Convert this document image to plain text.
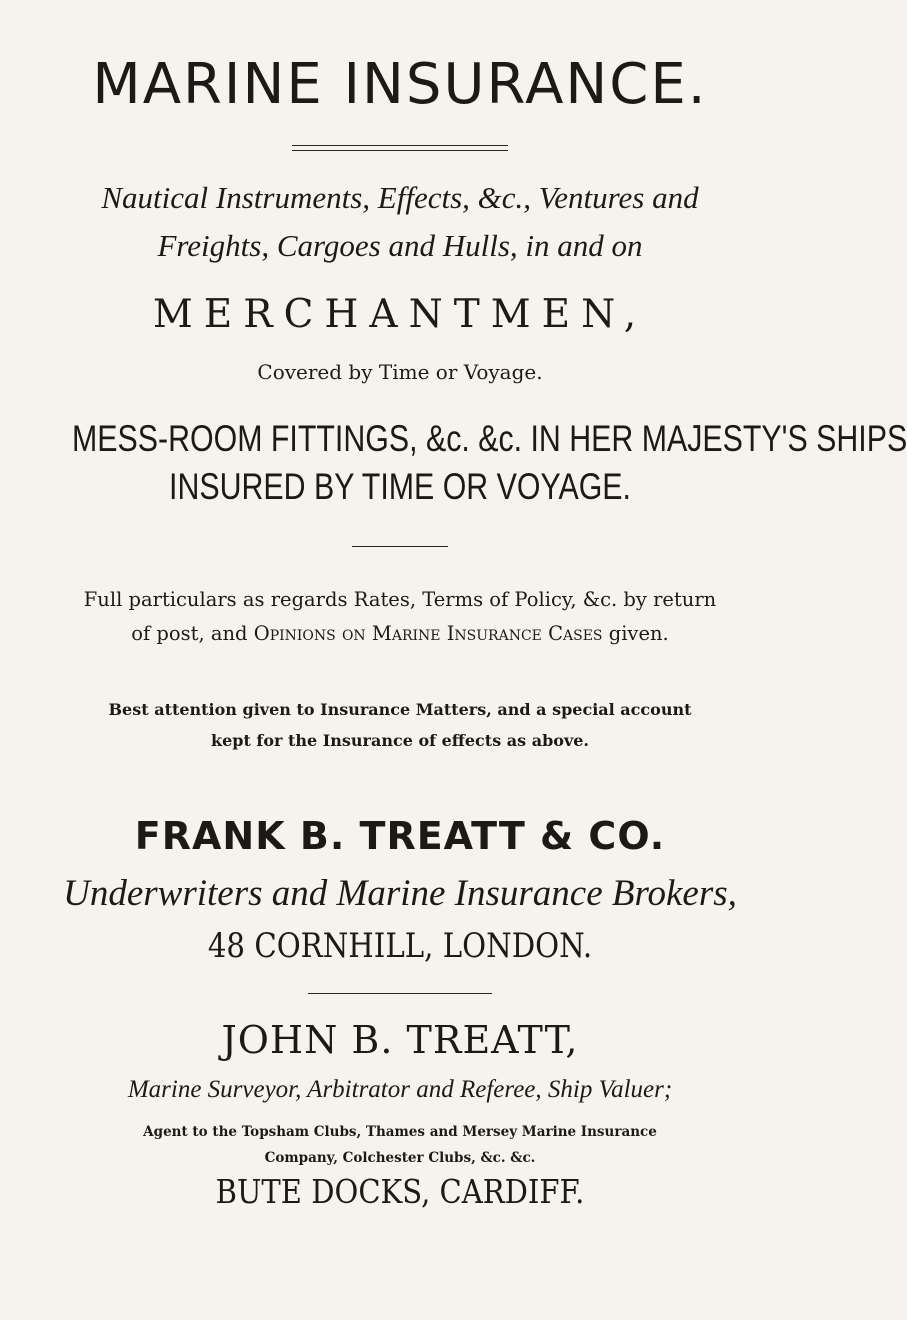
MARINE INSURANCE.
Nautical Instruments, Effects, &c., Ventures and
Freights, Cargoes and Hulls, in and on
MERCHANTMEN,
Covered by Time or Voyage.
MESS-ROOM FITTINGS, &c. &c. IN HER MAJESTY'S SHIPS
INSURED BY TIME OR VOYAGE.
Full particulars as regards Rates, Terms of Policy, &c. by return
of post, and Opinions on Marine Insurance Cases given.
Best attention given to Insurance Matters, and a special account
kept for the Insurance of effects as above.
FRANK B. TREATT & CO.
Underwriters and Marine Insurance Brokers,
48 CORNHILL, LONDON.
JOHN B. TREATT,
Marine Surveyor, Arbitrator and Referee, Ship Valuer;
Agent to the Topsham Clubs, Thames and Mersey Marine Insurance
Company, Colchester Clubs, &c. &c.
BUTE DOCKS, CARDIFF.
